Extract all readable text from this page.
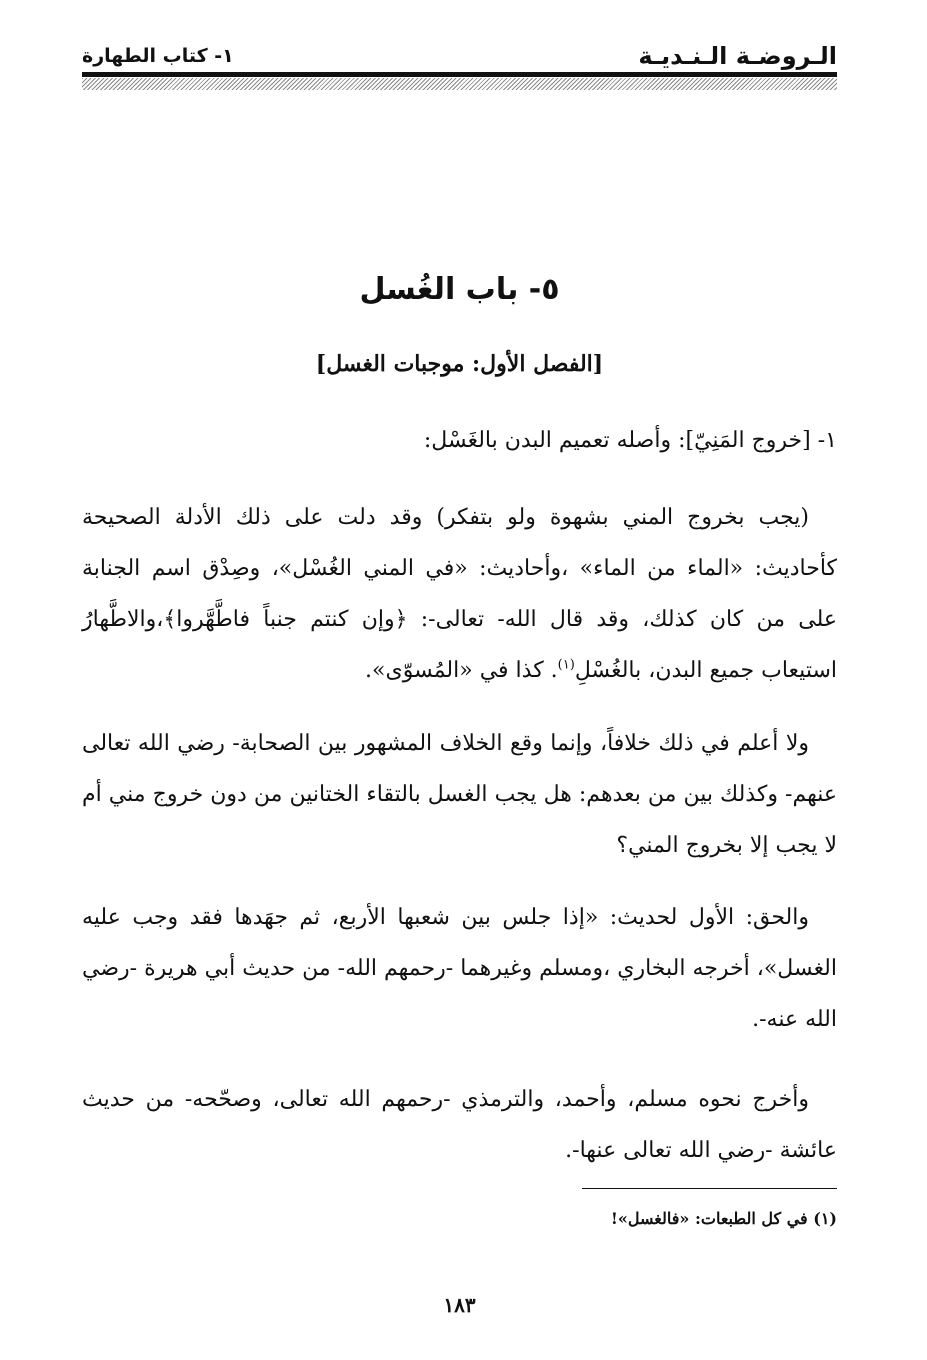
الـروضـة الـنـديـة
١- كتاب الطهارة
٥- باب الغُسل
[الفصل الأول: موجبات الغسل]
١- [خروج المَنِيّ]: وأصله تعميم البدن بالغَسْل:

(يجب بخروج المني بشهوة ولو بتفكر) وقد دلت على ذلك الأدلة الصحيحة كأحاديث: «الماء من الماء» ،وأحاديث: «في المني الغُسْل»، وصِدْق اسم الجنابة على من كان كذلك، وقد قال الله- تعالى-: ﴿وإن كنتم جنباً فاطَّهَّروا﴾،والاطَّهارُ استيعاب جميع البدن، بالغُسْلِ$^{(١)}$. كذا في «المُسوّى».

ولا أعلم في ذلك خلافاً، وإنما وقع الخلاف المشهور بين الصحابة- رضي الله تعالى عنهم- وكذلك بين من بعدهم: هل يجب الغسل بالتقاء الختانين من دون خروج مني أم لا يجب إلا بخروج المني؟

والحق: الأول لحديث: «إذا جلس بين شعبها الأربع، ثم جهَدها فقد وجب عليه الغسل»، أخرجه البخاري ،ومسلم وغيرهما -رحمهم الله- من حديث أبي هريرة -رضي الله عنه-.

وأخرج نحوه مسلم، وأحمد، والترمذي -رحمهم الله تعالى، وصحّحه- من حديث عائشة -رضي الله تعالى عنها-.

(١) في كل الطبعات: «فالغسل»!
١٨٣
